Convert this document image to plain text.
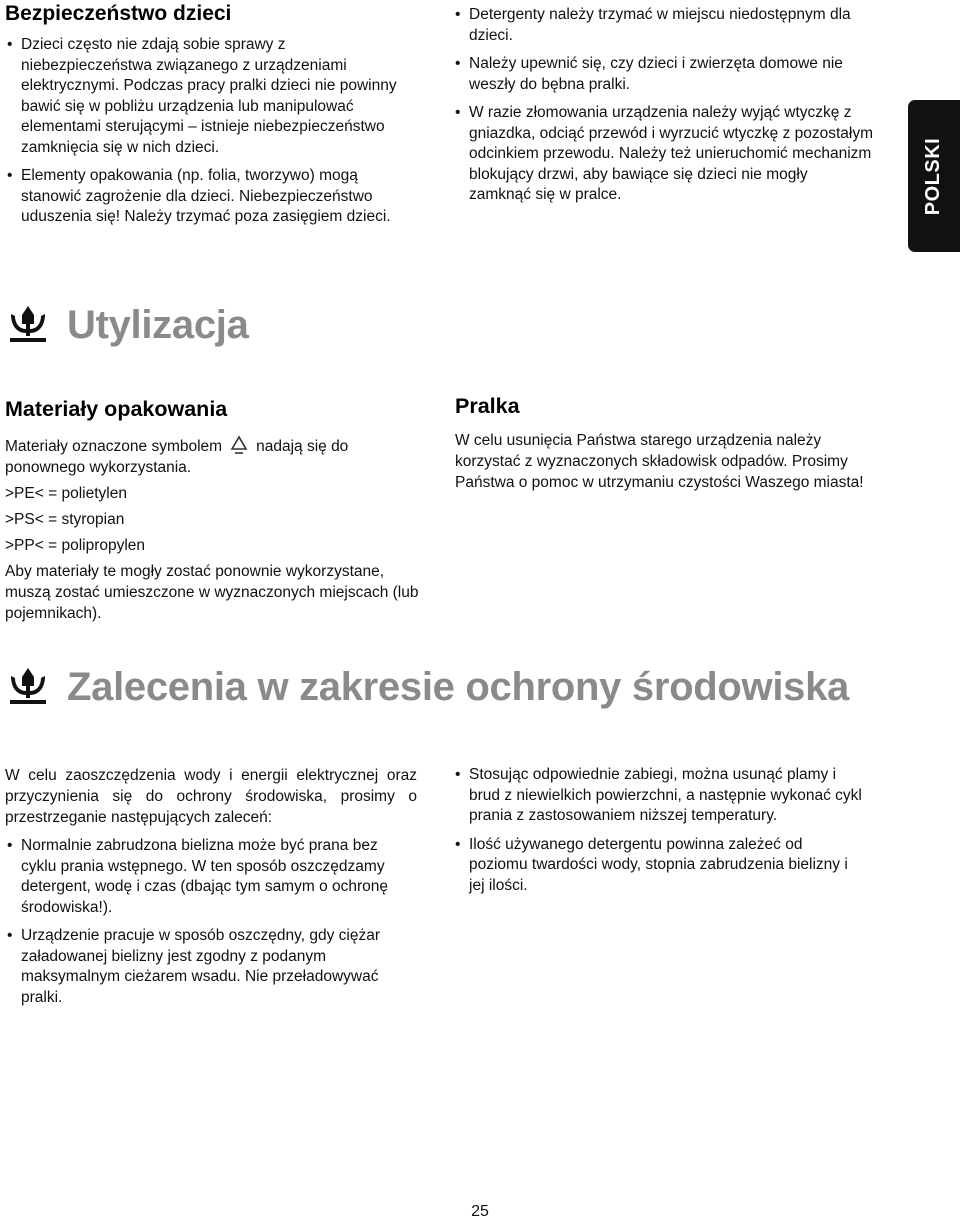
Bezpieczeństwo dzieci
• Dzieci często nie zdają sobie sprawy z niebezpieczeństwa związanego z urządzeniami elektrycznymi. Podczas pracy pralki dzieci nie powinny bawić się w pobliżu urządzenia lub manipulować elementami sterującymi – istnieje niebezpieczeństwo zamknięcia się w nich dzieci.
• Elementy opakowania (np. folia, tworzywo) mogą stanowić zagrożenie dla dzieci. Niebezpieczeństwo uduszenia się! Należy trzymać poza zasięgiem dzieci.
• Detergenty należy trzymać w miejscu niedostępnym dla dzieci.
• Należy upewnić się, czy dzieci i zwierzęta domowe nie weszły do bębna pralki.
• W razie złomowania urządzenia należy wyjąć wtyczkę z gniazdka, odciąć przewód i wyrzucić wtyczkę z pozostałym odcinkiem przewodu. Należy też unieruchomić mechanizm blokujący drzwi, aby bawiące się dzieci nie mogły zamknąć się w pralce.	POLSKI
Utylizacja
Materiały opakowania

Materiały oznaczone symbolem nadają się do ponownego wykorzystania.

>PE< = polietylen

>PS< = styropian

>PP< = polipropylen

Aby materiały te mogły zostać ponownie wykorzystane, muszą zostać umieszczone w wyznaczonych miejscach (lub pojemnikach).

Pralka

W celu usunięcia Państwa starego urządzenia należy korzystać z wyznaczonych składowisk odpadów. Prosimy Państwa o pomoc w utrzymaniu czystości Waszego miasta!

Zalecenia w zakresie ochrony środowiska

W celu zaoszczędzenia wody i energii elektrycznej oraz przyczynienia się do ochrony środowiska, prosimy o przestrzeganie następujących zaleceń:

• Normalnie zabrudzona bielizna może być prana bez cyklu prania wstępnego. W ten sposób oszczędzamy detergent, wodę i czas (dbając tym samym o ochronę środowiska!).
• Urządzenie pracuje w sposób oszczędny, gdy ciężar załadowanej bielizny jest zgodny z podanym maksymalnym cieżarem wsadu. Nie przeładowywać pralki.
• Stosując odpowiednie zabiegi, można usunąć plamy i brud z niewielkich powierzchni, a następnie wykonać cykl prania z zastosowaniem niższej temperatury.
• Ilość używanego detergentu powinna zależeć od poziomu twardości wody, stopnia zabrudzenia bielizny i jej ilości.
25
